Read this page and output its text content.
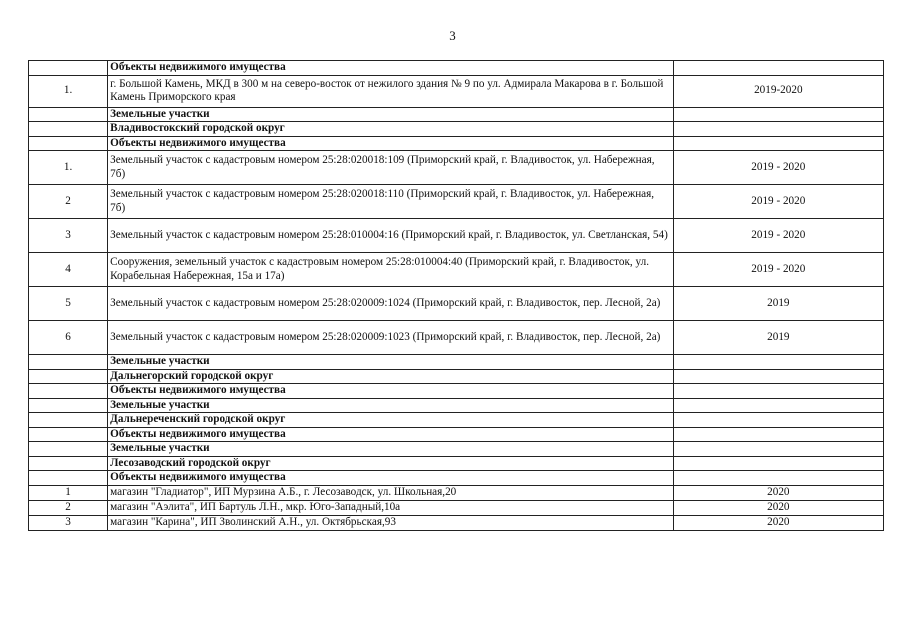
3
	Объекты недвижимого имущества	
1.	г. Большой Камень, МКД в 300 м на северо-восток от нежилого здания № 9 по ул. Адмирала Макарова в г. Большой Камень Приморского края	2019-2020
	Земельные участки	
	Владивостокский городской округ	
	Объекты недвижимого имущества	
1.	Земельный участок с кадастровым номером 25:28:020018:109 (Приморский край, г. Владивосток, ул. Набережная, 7б)	2019 - 2020
2	Земельный участок с кадастровым номером 25:28:020018:110 (Приморский край, г. Владивосток, ул. Набережная, 7б)	2019 - 2020
3	Земельный участок с кадастровым номером 25:28:010004:16 (Приморский край, г. Владивосток, ул. Светланская, 54)	2019 - 2020
4	Сооружения, земельный участок с кадастровым номером 25:28:010004:40 (Приморский край, г. Владивосток, ул. Корабельная Набережная, 15а и 17а)	2019 - 2020
5	Земельный участок с кадастровым номером 25:28:020009:1024 (Приморский край, г. Владивосток, пер. Лесной, 2а)	2019
6	Земельный участок с кадастровым номером 25:28:020009:1023 (Приморский край, г. Владивосток, пер. Лесной, 2а)	2019
	Земельные участки	
	Дальнегорский городской округ	
	Объекты недвижимого имущества	
	Земельные участки	
	Дальнереченский городской округ	
	Объекты недвижимого имущества	
	Земельные участки	
	Лесозаводский городской округ	
	Объекты недвижимого имущества	
1	магазин "Гладиатор", ИП Мурзина А.Б., г. Лесозаводск, ул. Школьная,20	2020
2	магазин "Аэлита", ИП Бартуль Л.Н., мкр. Юго-Западный,10а	2020
3	магазин "Карина", ИП Зволинский А.Н., ул. Октябрьская,93	2020
